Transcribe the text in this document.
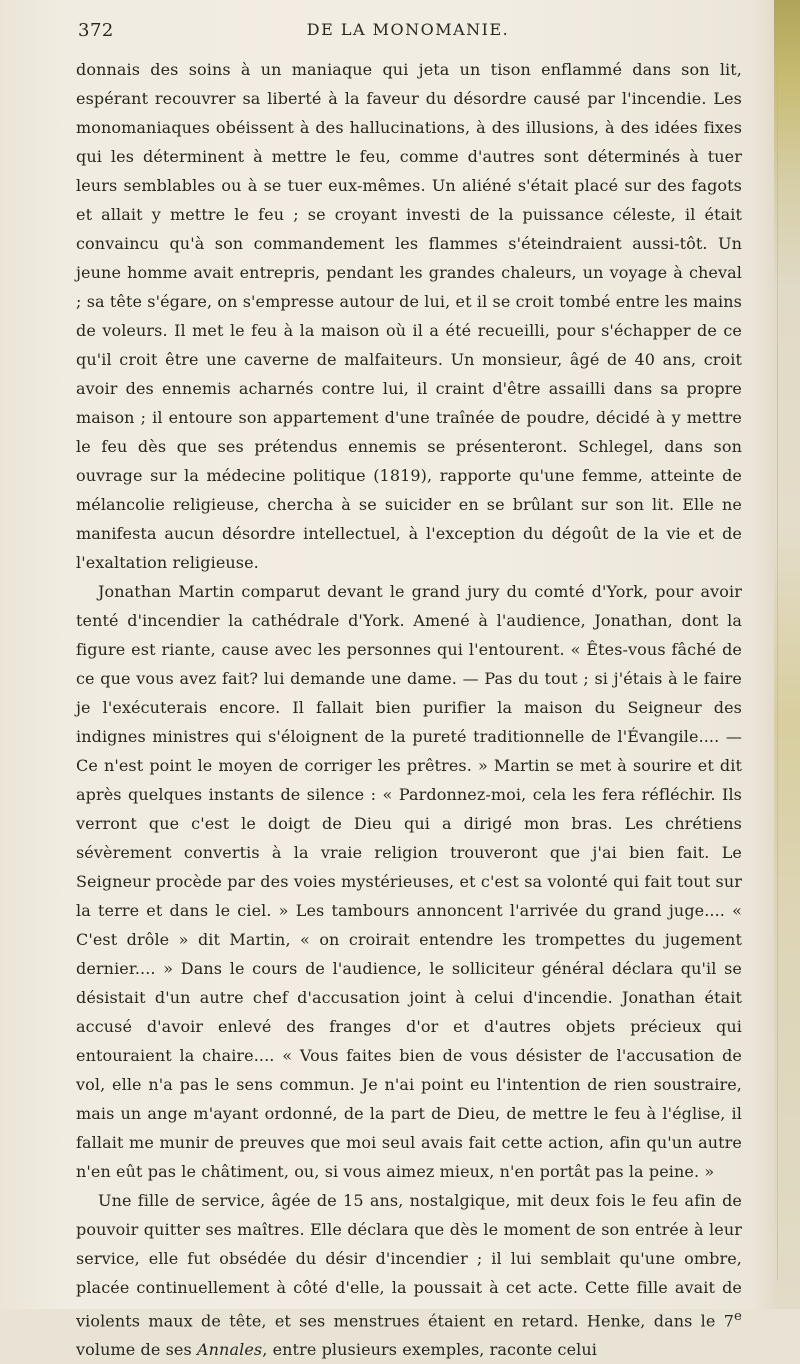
372	DE LA MONOMANIE.

donnais des soins à un maniaque qui jeta un tison enflammé dans son lit, espérant recouvrer sa liberté à la faveur du désordre causé par l'incendie. Les monomaniaques obéissent à des hallucinations, à des illusions, à des idées fixes qui les déterminent à mettre le feu, comme d'autres sont déterminés à tuer leurs semblables ou à se tuer eux-mêmes. Un aliéné s'était placé sur des fagots et allait y mettre le feu ; se croyant investi de la puissance céleste, il était convaincu qu'à son commandement les flammes s'éteindraient aussi-tôt. Un jeune homme avait entrepris, pendant les grandes chaleurs, un voyage à cheval ; sa tête s'égare, on s'empresse autour de lui, et il se croit tombé entre les mains de voleurs. Il met le feu à la maison où il a été recueilli, pour s'échapper de ce qu'il croit être une caverne de malfaiteurs. Un monsieur, âgé de 40 ans, croit avoir des ennemis acharnés contre lui, il craint d'être assailli dans sa propre maison ; il entoure son appartement d'une traînée de poudre, décidé à y mettre le feu dès que ses prétendus ennemis se présenteront. Schlegel, dans son ouvrage sur la médecine politique (1819), rapporte qu'une femme, atteinte de mélancolie religieuse, chercha à se suicider en se brûlant sur son lit. Elle ne manifesta aucun désordre intellectuel, à l'exception du dégoût de la vie et de l'exaltation religieuse.

Jonathan Martin comparut devant le grand jury du comté d'York, pour avoir tenté d'incendier la cathédrale d'York. Amené à l'audience, Jonathan, dont la figure est riante, cause avec les personnes qui l'entourent. « Êtes-vous fâché de ce que vous avez fait? lui demande une dame. — Pas du tout ; si j'étais à le faire je l'exécuterais encore. Il fallait bien purifier la maison du Seigneur des indignes ministres qui s'éloignent de la pureté traditionnelle de l'Évangile.... — Ce n'est point le moyen de corriger les prêtres. » Martin se met à sourire et dit après quelques instants de silence : « Pardonnez-moi, cela les fera réfléchir. Ils verront que c'est le doigt de Dieu qui a dirigé mon bras. Les chrétiens sévèrement convertis à la vraie religion trouveront que j'ai bien fait. Le Seigneur procède par des voies mystérieuses, et c'est sa volonté qui fait tout sur la terre et dans le ciel. » Les tambours annoncent l'arrivée du grand juge.... « C'est drôle » dit Martin, « on croirait entendre les trompettes du jugement dernier.... » Dans le cours de l'audience, le solliciteur général déclara qu'il se désistait d'un autre chef d'accusation joint à celui d'incendie. Jonathan était accusé d'avoir enlevé des franges d'or et d'autres objets précieux qui entouraient la chaire.... « Vous faites bien de vous désister de l'accusation de vol, elle n'a pas le sens commun. Je n'ai point eu l'intention de rien soustraire, mais un ange m'ayant ordonné, de la part de Dieu, de mettre le feu à l'église, il fallait me munir de preuves que moi seul avais fait cette action, afin qu'un autre n'en eût pas le châtiment, ou, si vous aimez mieux, n'en portât pas la peine. »

Une fille de service, âgée de 15 ans, nostalgique, mit deux fois le feu afin de pouvoir quitter ses maîtres. Elle déclara que dès le moment de son entrée à leur service, elle fut obsédée du désir d'incendier ; il lui semblait qu'une ombre, placée continuellement à côté d'elle, la poussait à cet acte. Cette fille avait de violents maux de tête, et ses menstrues étaient en retard. Henke, dans le 7e volume de ses Annales, entre plusieurs exemples, raconte celui
